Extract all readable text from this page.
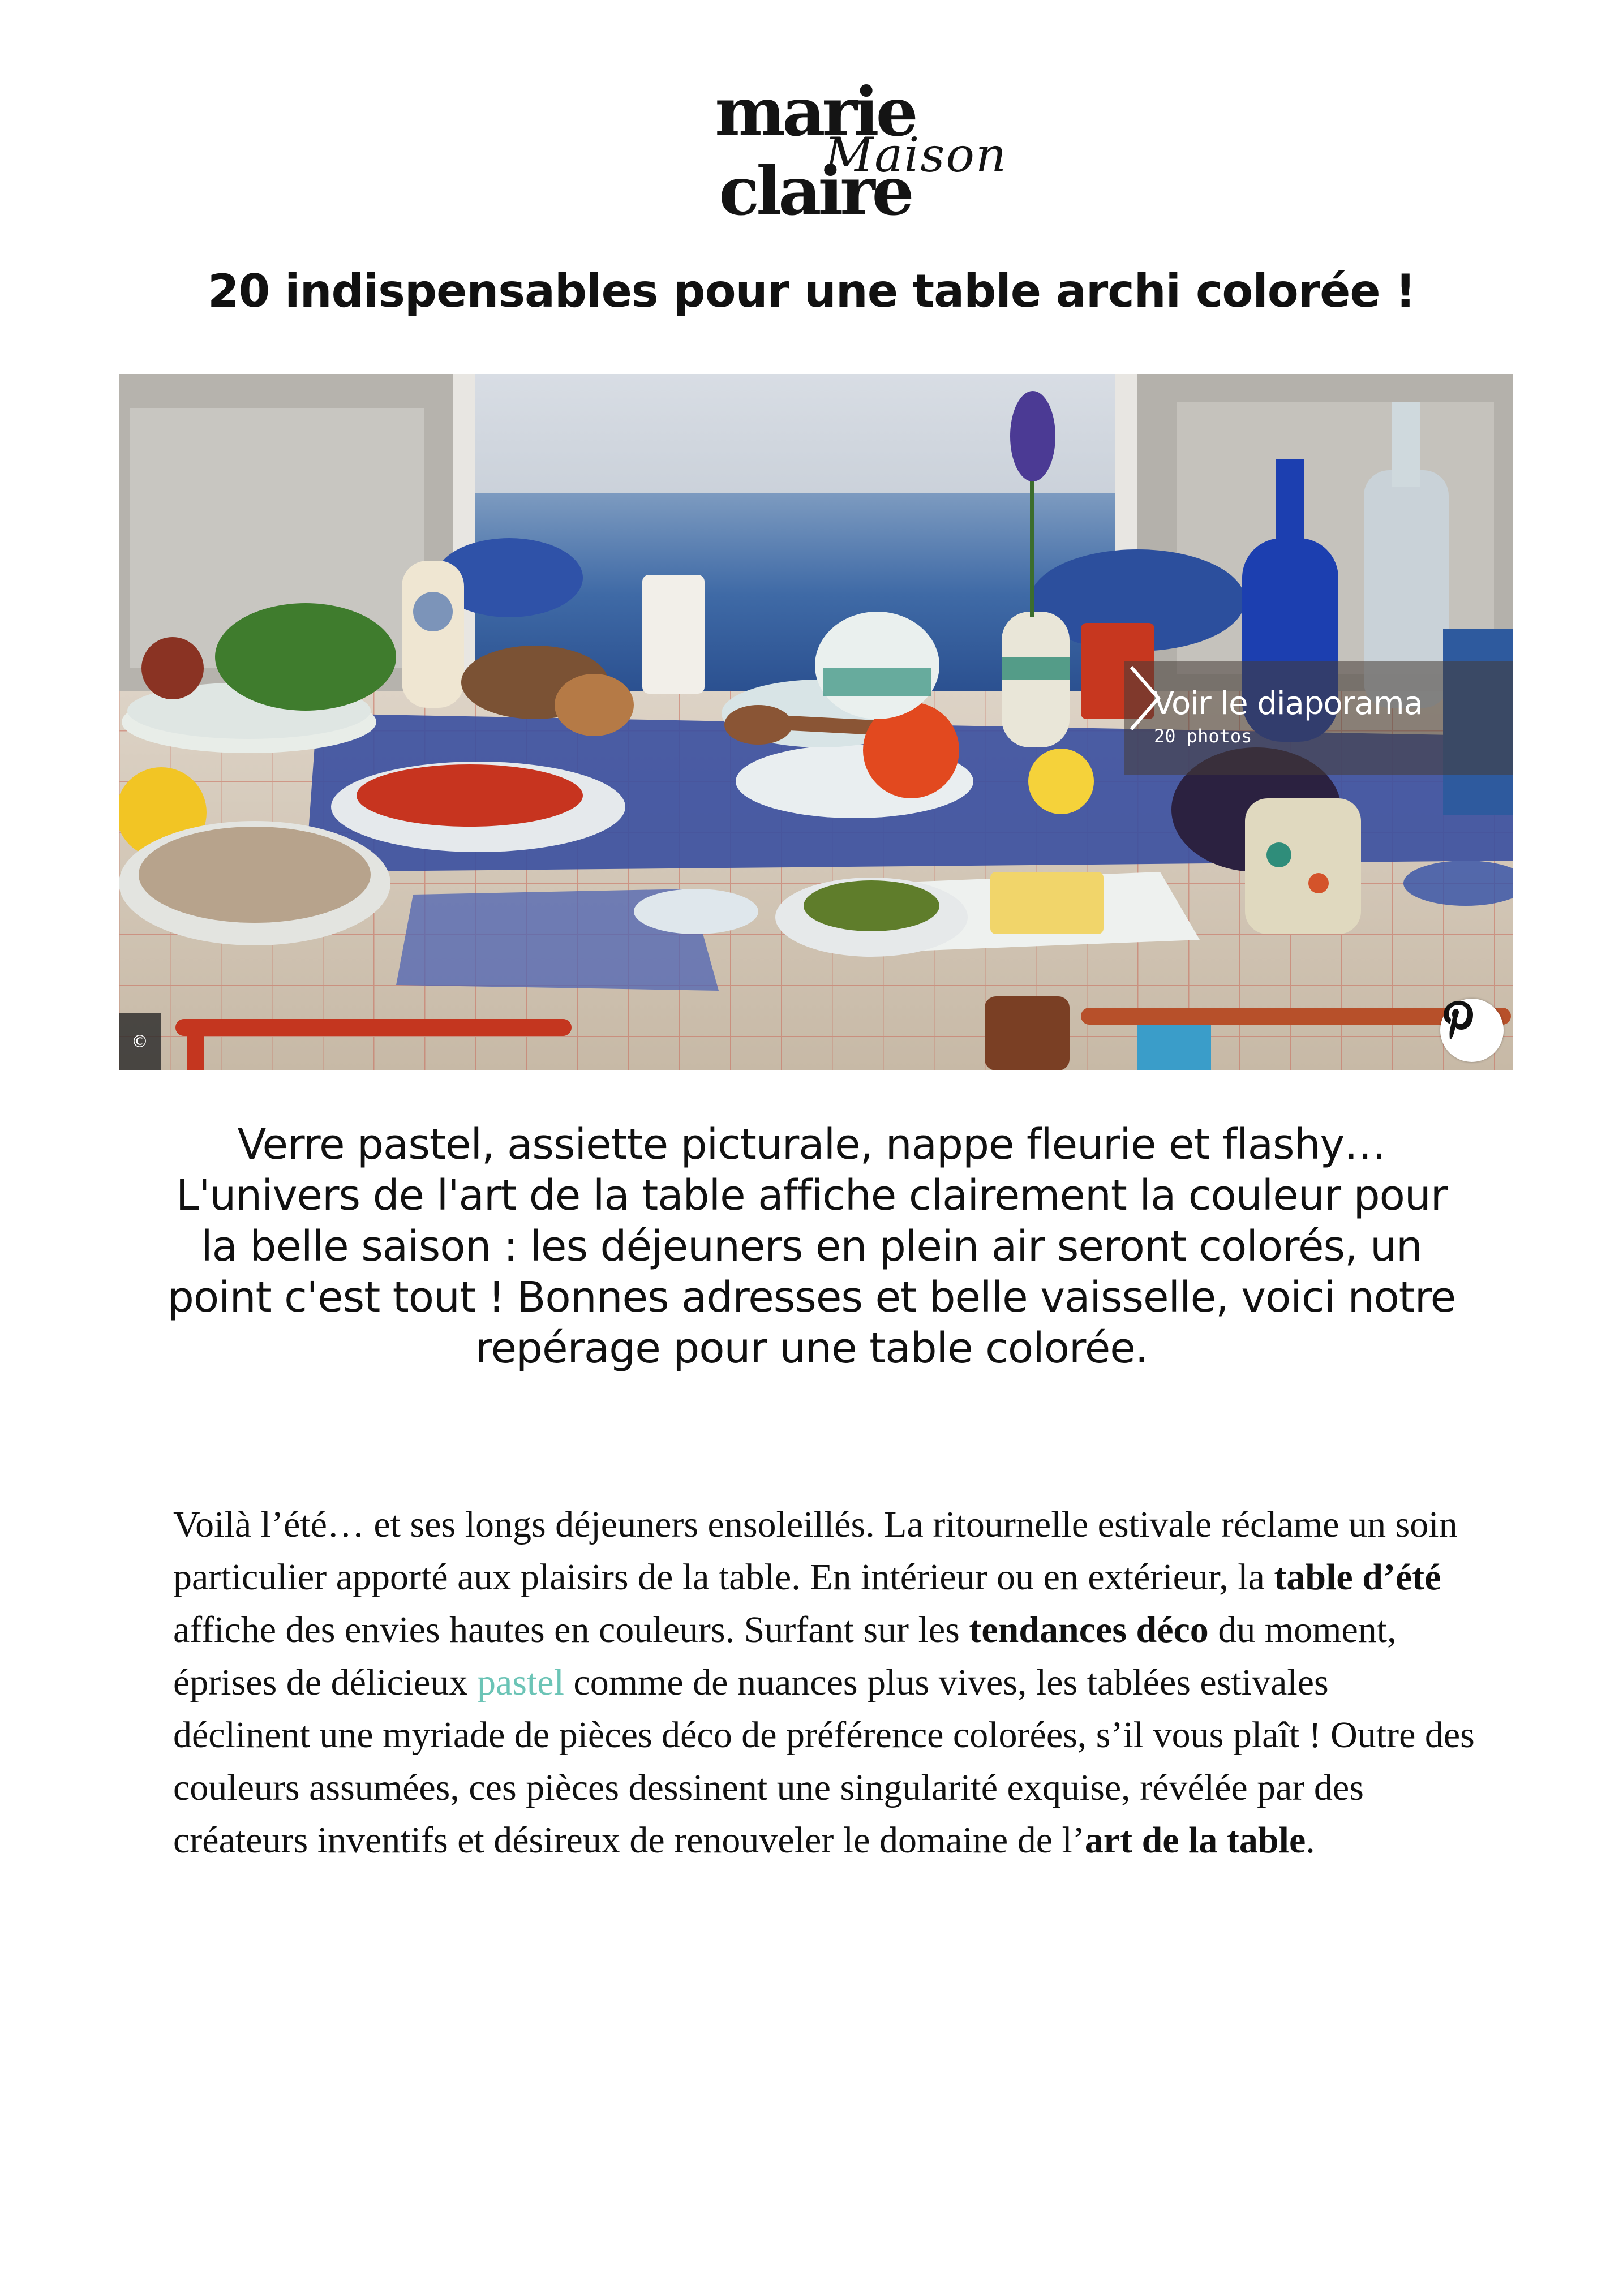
marie claire
Maison
20 indispensables pour une table archi colorée !
©
Voir le diaporama
20 photos
Verre pastel, assiette picturale, nappe fleurie et flashy…
L'univers de l'art de la table affiche clairement la couleur pour
la belle saison : les déjeuners en plein air seront colorés, un
point c'est tout ! Bonnes adresses et belle vaisselle, voici notre
repérage pour une table colorée.

Voilà l’été… et ses longs déjeuners ensoleillés. La ritournelle estivale réclame un soin particulier apporté aux plaisirs de la table. En intérieur ou en extérieur, la table d’été affiche des envies hautes en couleurs. Surfant sur les tendances déco du moment, éprises de délicieux pastel comme de nuances plus vives, les tablées estivales déclinent une myriade de pièces déco de préférence colorées, s’il vous plaît ! Outre des couleurs assumées, ces pièces dessinent une singularité exquise, révélée par des créateurs inventifs et désireux de renouveler le domaine de l’art de la table.
